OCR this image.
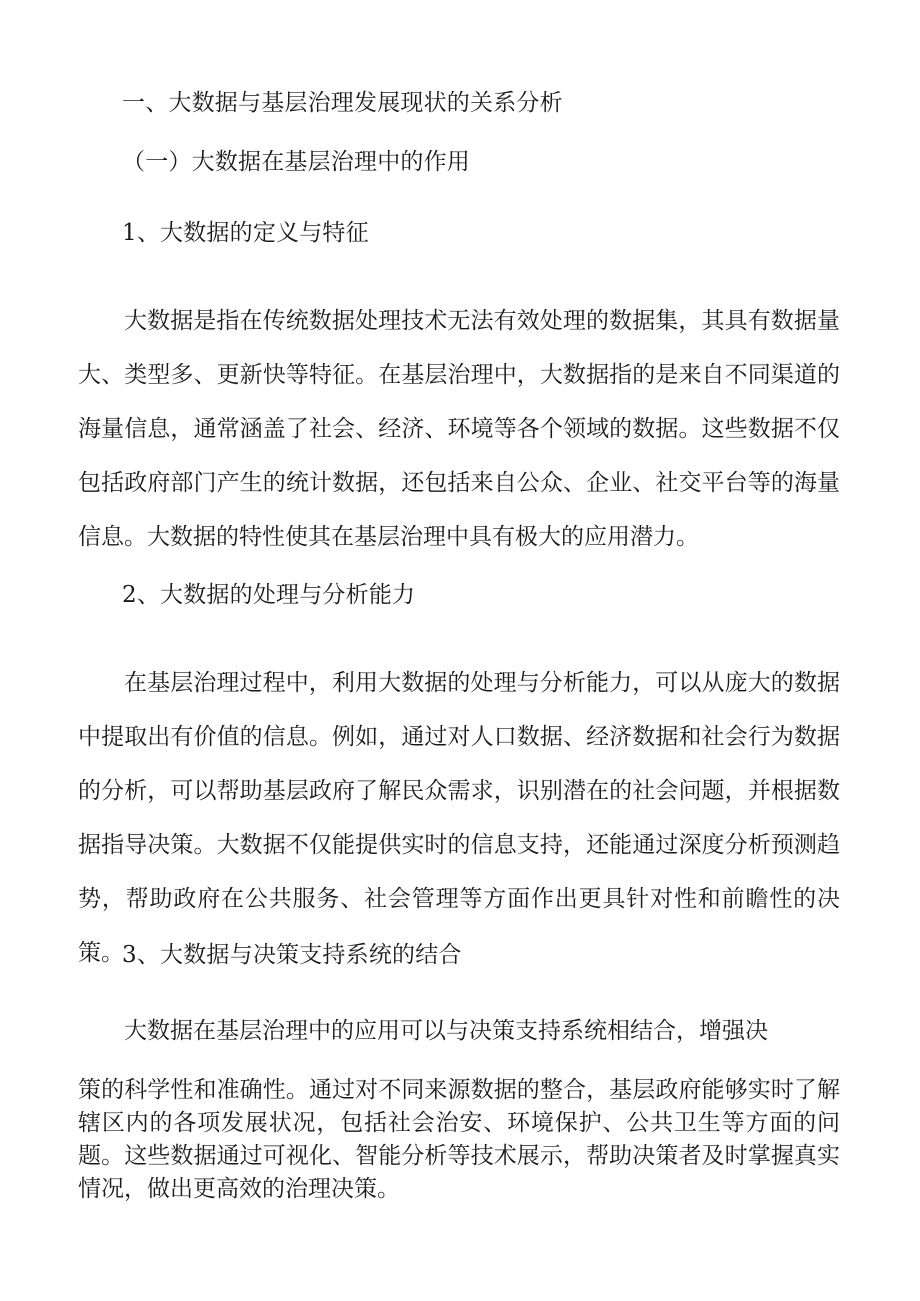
一、大数据与基层治理发展现状的关系分析
（一）大数据在基层治理中的作用
1、大数据的定义与特征

大数据是指在传统数据处理技术无法有效处理的数据集，其具有数据量大、类型多、更新快等特征。在基层治理中，大数据指的是来自不同渠道的海量信息，通常涵盖了社会、经济、环境等各个领域的数据。这些数据不仅包括政府部门产生的统计数据，还包括来自公众、企业、社交平台等的海量信息。大数据的特性使其在基层治理中具有极大的应用潜力。

2、大数据的处理与分析能力

在基层治理过程中，利用大数据的处理与分析能力，可以从庞大的数据中提取出有价值的信息。例如，通过对人口数据、经济数据和社会行为数据的分析，可以帮助基层政府了解民众需求，识别潜在的社会问题，并根据数据指导决策。大数据不仅能提供实时的信息支持，还能通过深度分析预测趋势，帮助政府在公共服务、社会管理等方面作出更具针对性和前瞻性的决策。

3、大数据与决策支持系统的结合
大数据在基层治理中的应用可以与决策支持系统相结合，增强决
策的科学性和准确性。通过对不同来源数据的整合，基层政府能够实时了解辖区内的各项发展状况，包括社会治安、环境保护、公共卫生等方面的问题。这些数据通过可视化、智能分析等技术展示，帮助决策者及时掌握真实情况，做出更高效的治理决策。
